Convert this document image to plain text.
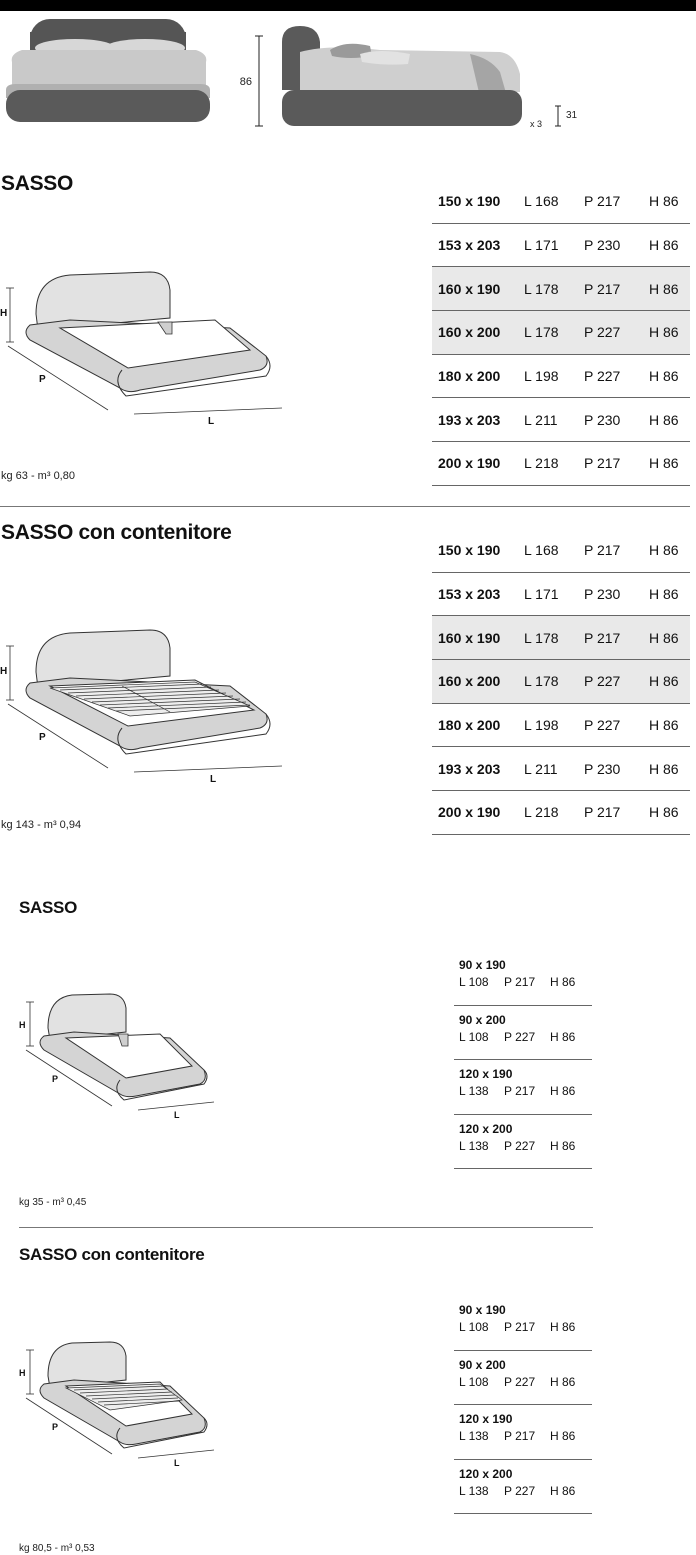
86
31
x 3
SASSO
H
P
L
kg 63 - m³ 0,80
150 x 190 L 168 P 217 H 86
153 x 203 L 171 P 230 H 86
160 x 190 L 178 P 217 H 86
160 x 200 L 178 P 227 H 86
180 x 200 L 198 P 227 H 86
193 x 203 L 211 P 230 H 86
200 x 190 L 218 P 217 H 86
SASSO con contenitore
H
P
L
kg 143 - m³ 0,94
150 x 190 L 168 P 217 H 86
153 x 203 L 171 P 230 H 86
160 x 190 L 178 P 217 H 86
160 x 200 L 178 P 227 H 86
180 x 200 L 198 P 227 H 86
193 x 203 L 211 P 230 H 86
200 x 190 L 218 P 217 H 86
SASSO
H
P
L
kg 35 - m³ 0,45
90 x 190
L 108 P 217 H 86
90 x 200
L 108 P 227 H 86
120 x 190
L 138 P 217 H 86
120 x 200
L 138 P 227 H 86
SASSO con contenitore
H
P
L
kg 80,5 - m³ 0,53
90 x 190
L 108 P 217 H 86
90 x 200
L 108 P 227 H 86
120 x 190
L 138 P 217 H 86
120 x 200
L 138 P 227 H 86
